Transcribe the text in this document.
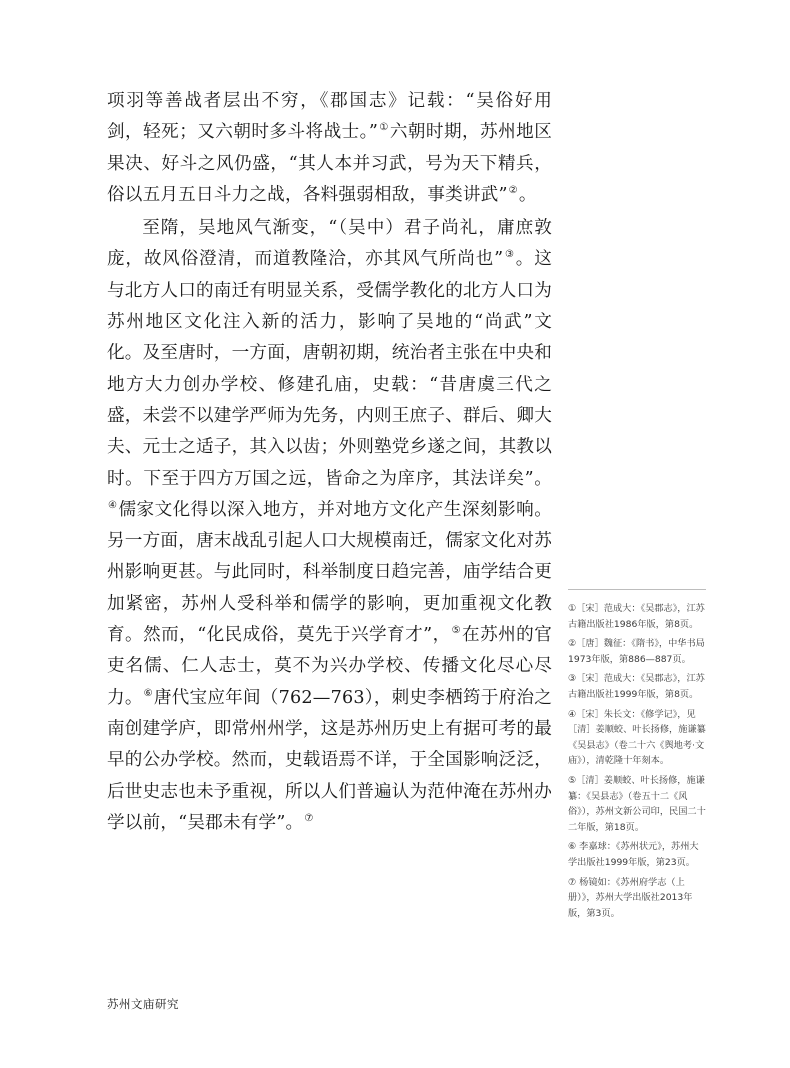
项羽等善战者层出不穷，《郡国志》记载：“吴俗好用剑，轻死；又六朝时多斗将战士。”①六朝时期，苏州地区果决、好斗之风仍盛，“其人本并习武，号为天下精兵，俗以五月五日斗力之战，各料强弱相敌，事类讲武”②。

至隋，吴地风气渐变，“（吴中）君子尚礼，庸庶敦庞，故风俗澄清，而道教隆洽，亦其风气所尚也”③。这与北方人口的南迁有明显关系，受儒学教化的北方人口为苏州地区文化注入新的活力，影响了吴地的“尚武”文化。及至唐时，一方面，唐朝初期，统治者主张在中央和地方大力创办学校、修建孔庙，史载：“昔唐虞三代之盛，未尝不以建学严师为先务，内则王庶子、群后、卿大夫、元士之适子，其入以齿；外则塾党乡遂之间，其教以时。下至于四方万国之远，皆命之为庠序，其法详矣”。④儒家文化得以深入地方，并对地方文化产生深刻影响。另一方面，唐末战乱引起人口大规模南迁，儒家文化对苏州影响更甚。与此同时，科举制度日趋完善，庙学结合更加紧密，苏州人受科举和儒学的影响，更加重视文化教育。然而，“化民成俗，莫先于兴学育才”，⑤在苏州的官吏名儒、仁人志士，莫不为兴办学校、传播文化尽心尽力。⑥唐代宝应年间（762—763），刺史李栖筠于府治之南创建学庐，即常州州学，这是苏州历史上有据可考的最早的公办学校。然而，史载语焉不详，于全国影响泛泛，后世史志也未予重视，所以人们普遍认为范仲淹在苏州办学以前，“吴郡未有学”。⑦

①［宋］范成大：《吴郡志》，江苏古籍出版社1986年版，第8页。
②［唐］魏征：《隋书》，中华书局1973年版，第886—887页。
③［宋］范成大：《吴郡志》，江苏古籍出版社1999年版，第8页。
④［宋］朱长文：《修学记》，见［清］姜顺蛟、叶长扬修，施谦纂《吴县志》（卷二十六《舆地考·文庙》），清乾隆十年刻本。
⑤［清］姜顺蛟、叶长扬修，施谦纂：《吴县志》（卷五十二《风俗》），苏州文新公司印，民国二十二年版，第18页。
⑥ 李嘉球：《苏州状元》，苏州大学出版社1999年版，第23页。
⑦ 杨镜如：《苏州府学志（上册）》，苏州大学出版社2013年版，第3页。
苏州文庙研究
